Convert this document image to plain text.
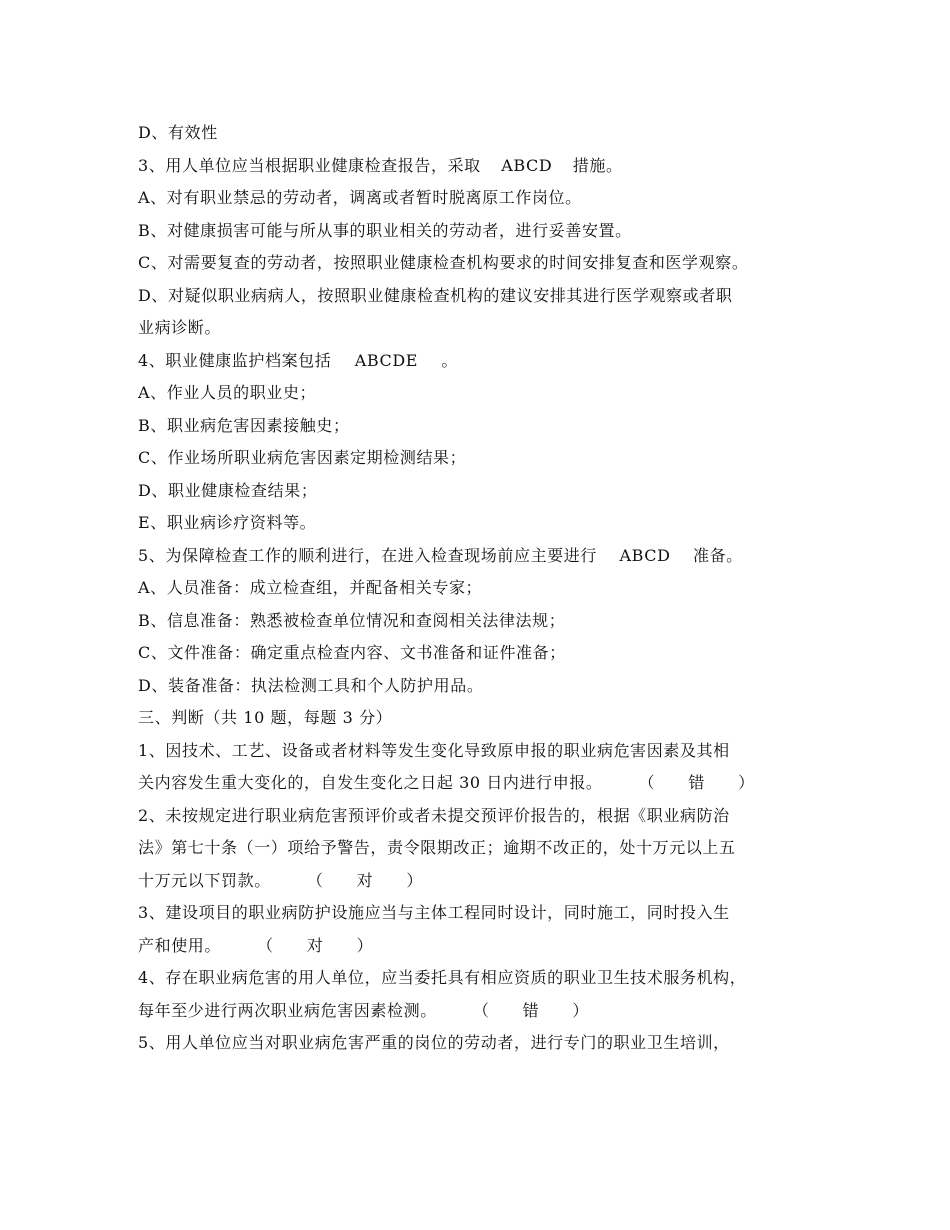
D、有效性
3、用人单位应当根据职业健康检查报告，采取 ABCD 措施。
A、对有职业禁忌的劳动者，调离或者暂时脱离原工作岗位。
B、对健康损害可能与所从事的职业相关的劳动者，进行妥善安置。
C、对需要复查的劳动者，按照职业健康检查机构要求的时间安排复查和医学观察。
D、对疑似职业病病人，按照职业健康检查机构的建议安排其进行医学观察或者职
业病诊断。
4、职业健康监护档案包括 ABCDE 。
A、作业人员的职业史；
B、职业病危害因素接触史；
C、作业场所职业病危害因素定期检测结果；
D、职业健康检查结果；
E、职业病诊疗资料等。
5、为保障检查工作的顺利进行，在进入检查现场前应主要进行 ABCD 准备。
A、人员准备：成立检查组，并配备相关专家；
B、信息准备：熟悉被检查单位情况和查阅相关法律法规；
C、文件准备：确定重点检查内容、文书准备和证件准备；
D、装备准备：执法检测工具和个人防护用品。
三、判断（共 10 题，每题 3 分）
1、因技术、工艺、设备或者材料等发生变化导致原申报的职业病危害因素及其相
关内容发生重大变化的，自发生变化之日起 30 日内进行申报。 （　　错　　）
2、未按规定进行职业病危害预评价或者未提交预评价报告的，根据《职业病防治
法》第七十条（一）项给予警告，责令限期改正；逾期不改正的，处十万元以上五
十万元以下罚款。 （　　对　　）
3、建设项目的职业病防护设施应当与主体工程同时设计，同时施工，同时投入生
产和使用。 （　　对　　）
4、存在职业病危害的用人单位，应当委托具有相应资质的职业卫生技术服务机构，
每年至少进行两次职业病危害因素检测。 （　　错　　）
5、用人单位应当对职业病危害严重的岗位的劳动者，进行专门的职业卫生培训，
